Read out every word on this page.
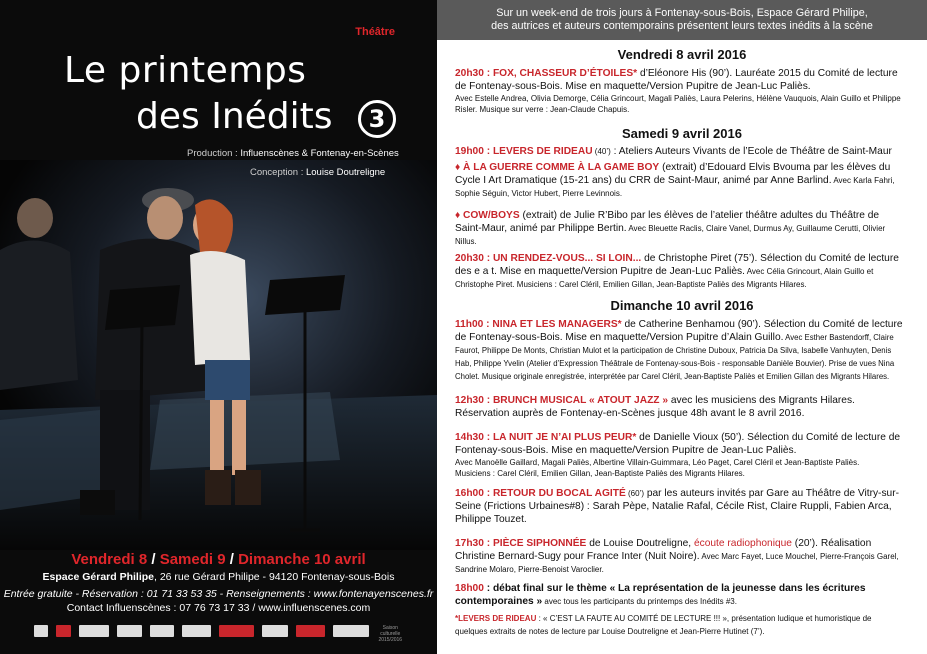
Théâtre
Le printemps
des Inédits	3
Production : Influenscènes & Fontenay-en-Scènes
Conception : Louise Doutreligne
Vendredi 8 / Samedi 9 / Dimanche 10 avril
Espace Gérard Philipe, 26 rue Gérard Philipe - 94120 Fontenay-sous-Bois
Entrée gratuite - Réservation : 01 71 33 53 35 - Renseignements : www.fontenayenscenes.fr
Contact Influenscènes : 07 76 73 17 33 / www.influenscenes.com
Saison culturelle 2015/2016
Sur un week-end de trois jours à Fontenay-sous-Bois, Espace Gérard Philipe,
des autrices et auteurs contemporains présentent leurs textes inédits à la scène
Vendredi 8 avril 2016
20h30 : FOX, CHASSEUR D’ÉTOILES* d’Eléonore His (90’). Lauréate 2015 du Comité de lecture de Fontenay-sous-Bois. Mise en maquette/Version Pupitre de Jean-Luc Paliès.
Avec Estelle Andrea, Olivia Demorge, Célia Grincourt, Magali Paliès, Laura Pelerins, Hélène Vauquois, Alain Guillo et Philippe Risler. Musique sur verre : Jean-Claude Chapuis.
Samedi 9 avril 2016
19h00 : LEVERS DE RIDEAU (40’) : Ateliers Auteurs Vivants de l’Ecole de Théâtre de Saint-Maur
♦ À LA GUERRE COMME À LA GAME BOY (extrait) d’Edouard Elvis Bvouma par les élèves du Cycle I Art Dramatique (15-21 ans) du CRR de Saint-Maur, animé par Anne Barlind. Avec Karla Fahri, Sophie Séguin, Victor Hubert, Pierre Levinnois.
♦ COW/BOYS (extrait) de Julie R’Bibo par les élèves de l’atelier théâtre adultes du Théâtre de Saint-Maur, animé par Philippe Bertin. Avec Bleuette Raclis, Claire Vanel, Durmus Ay, Guillaume Cerutti, Olivier Nillus.
20h30 : UN RENDEZ-VOUS... SI LOIN... de Christophe Piret (75’). Sélection du Comité de lecture des e a t. Mise en maquette/Version Pupitre de Jean-Luc Paliès. Avec Célia Grincourt, Alain Guillo et Christophe Piret. Musiciens : Carel Cléril, Emilien Gillan, Jean-Baptiste Paliès des Migrants Hilares.
Dimanche 10 avril 2016
11h00 : NINA ET LES MANAGERS* de Catherine Benhamou (90’). Sélection du Comité de lecture de Fontenay-sous-Bois. Mise en maquette/Version Pupitre d’Alain Guillo. Avec Esther Bastendorff, Claire Faurot, Philippe De Monts, Christian Mulot et la participation de Christine Duboux, Patricia Da Silva, Isabelle Vanhuyten, Denis Hab, Philippe Yvelin (Atelier d’Expression Théâtrale de Fontenay-sous-Bois - responsable Danièle Bouvier). Prise de vues Nina Cholet. Musique originale enregistrée, interprétée par Carel Cléril, Jean-Baptiste Paliès et Emilien Gillan des Migrants Hilares.
12h30 : BRUNCH MUSICAL « ATOUT JAZZ » avec les musiciens des Migrants Hilares. Réservation auprès de Fontenay-en-Scènes jusque 48h avant le 8 avril 2016.
14h30 : LA NUIT JE N’AI PLUS PEUR* de Danielle Vioux (50’). Sélection du Comité de lecture de Fontenay-sous-Bois. Mise en maquette/Version Pupitre de Jean-Luc Paliès.
Avec Manoëlle Gaillard, Magali Paliès, Albertine Villain-Guimmara, Léo Paget, Carel Cléril et Jean-Baptiste Paliès.
Musiciens : Carel Cléril, Emilien Gillan, Jean-Baptiste Paliès des Migrants Hilares.
16h00 : RETOUR DU BOCAL AGITÉ (60’) par les auteurs invités par Gare au Théâtre de Vitry-sur-Seine (Frictions Urbaines#8) : Sarah Pèpe, Natalie Rafal, Cécile Rist, Claire Ruppli, Fabien Arca, Philippe Touzet.
17h30 : PIÈCE SIPHONNÉE de Louise Doutreligne, écoute radiophonique (20’). Réalisation Christine Bernard-Sugy pour France Inter (Nuit Noire). Avec Marc Fayet, Luce Mouchel, Pierre-François Garel, Sandrine Molaro, Pierre-Benoist Varoclier.
18h00 : débat final sur le thème « La représentation de la jeunesse dans les écritures contemporaines » avec tous les participants du printemps des Inédits #3.
*LEVERS DE RIDEAU : « C’EST LA FAUTE AU COMITÉ DE LECTURE !!! », présentation ludique et humoristique de quelques extraits de notes de lecture par Louise Doutreligne et Jean-Pierre Hutinet (7’).
